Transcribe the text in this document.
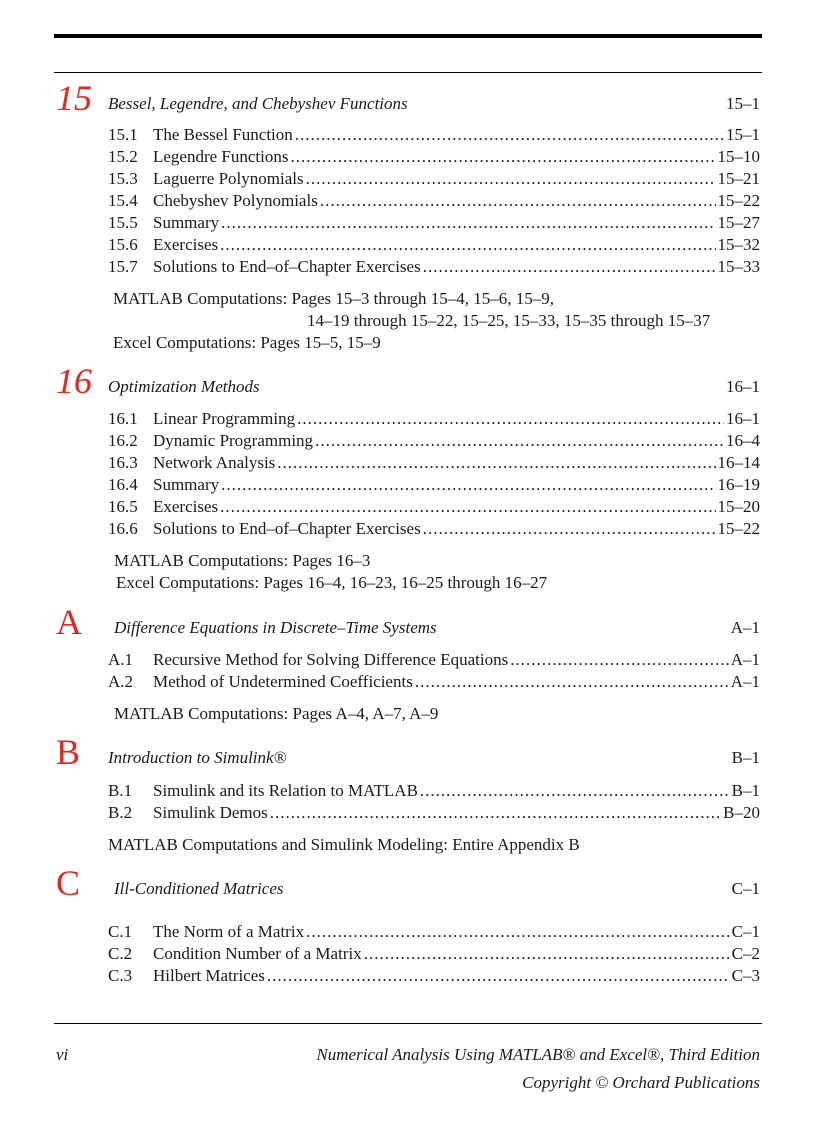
15 Bessel, Legendre, and Chebyshev Functions	15–1
15.1 The Bessel Function .....	15–1
15.2 Legendre Functions .....	15–10
15.3 Laguerre Polynomials .....	15–21
15.4 Chebyshev Polynomials .....	15–22
15.5 Summary .....	15–27
15.6 Exercises .....	15–32
15.7 Solutions to End–of–Chapter Exercises .....	15–33
MATLAB Computations: Pages 15–3 through 15–4, 15–6, 15–9,
14–19 through 15–22, 15–25, 15–33, 15–35 through 15–37
Excel Computations: Pages 15–5, 15–9
16 Optimization Methods	16–1
16.1 Linear Programming .....	16–1
16.2 Dynamic Programming .....	16–4
16.3 Network Analysis .....	16–14
16.4 Summary .....	16–19
16.5 Exercises .....	15–20
16.6 Solutions to End–of–Chapter Exercises .....	15–22
MATLAB Computations: Pages 16–3
Excel Computations: Pages 16–4, 16–23, 16–25 through 16–27
A Difference Equations in Discrete–Time Systems	A–1
A.1	Recursive Method for Solving Difference Equations .....	A–1
A.2	Method of Undetermined Coefficients .....	A–1
MATLAB Computations: Pages A–4, A–7, A–9
B Introduction to Simulink®	B–1
B.1	Simulink and its Relation to MATLAB .....	B–1
B.2	Simulink Demos .....	B–20
MATLAB Computations and Simulink Modeling: Entire Appendix B
C Ill-Conditioned Matrices	C–1
C.1	The Norm of a Matrix .....	C–1
C.2	Condition Number of a Matrix .....	C–2
C.3	Hilbert Matrices .....	C–3
vi	Numerical Analysis Using MATLAB® and Excel®, Third Edition
Copyright © Orchard Publications
